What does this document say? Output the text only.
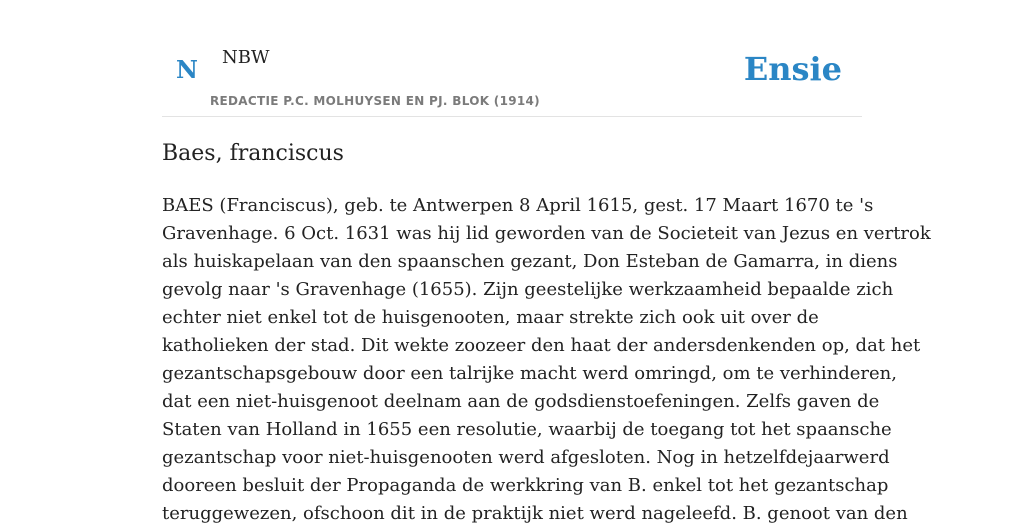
N NBW
REDACTIE P.C. MOLHUYSEN EN PJ. BLOK (1914)
Ensie
Baes, franciscus
BAES (Franciscus), geb. te Antwerpen 8 April 1615, gest. 17 Maart 1670 te 's
Gravenhage. 6 Oct. 1631 was hij lid geworden van de Societeit van Jezus en vertrok
als huiskapelaan van den spaanschen gezant, Don Esteban de Gamarra, in diens
gevolg naar 's Gravenhage (1655). Zijn geestelijke werkzaamheid bepaalde zich
echter niet enkel tot de huisgenooten, maar strekte zich ook uit over de
katholieken der stad. Dit wekte zoozeer den haat der andersdenkenden op, dat het
gezantschapsgebouw door een talrijke macht werd omringd, om te verhinderen,
dat een niet-huisgenoot deelnam aan de godsdienstoefeningen. Zelfs gaven de
Staten van Holland in 1655 een resolutie, waarbij de toegang tot het spaansche
gezantschap voor niet-huisgenooten werd afgesloten. Nog in hetzelfdejaarwerd
dooreen besluit der Propaganda de werkkring van B. enkel tot het gezantschap
teruggewezen, ofschoon dit in de praktijk niet werd nageleefd. B. genoot van den
